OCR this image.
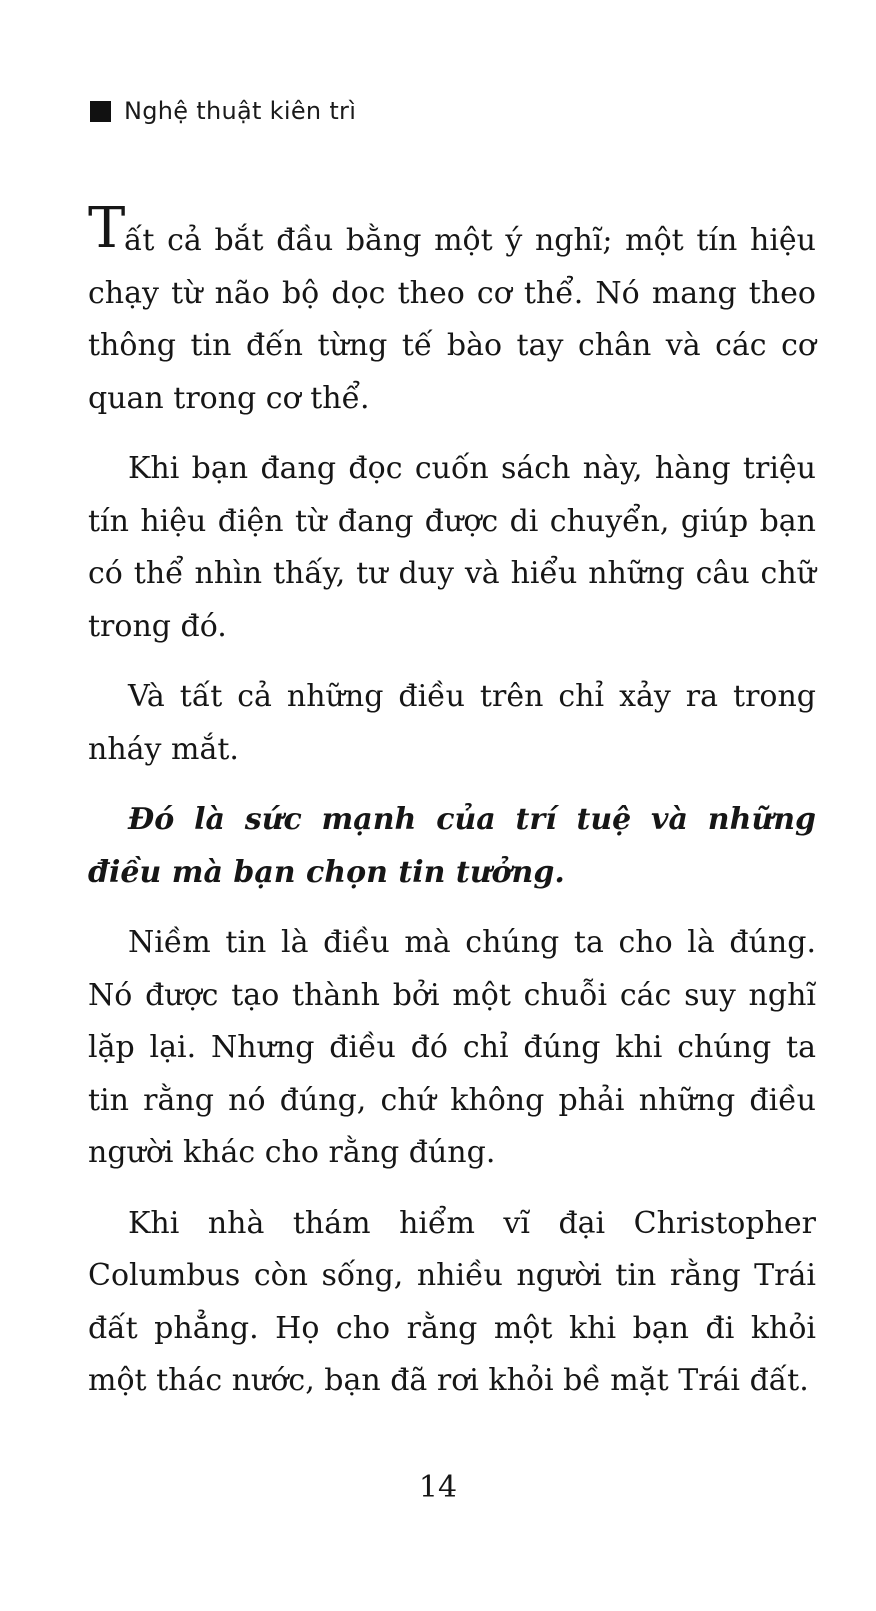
Nghệ thuật kiên trì

T
ất cả bắt đầu bằng một ý nghĩ; một tín hiệu chạy từ não bộ dọc theo cơ thể. Nó mang theo thông tin đến từng tế bào tay chân và các cơ quan trong cơ thể.

Khi bạn đang đọc cuốn sách này, hàng triệu tín hiệu điện từ đang được di chuyển, giúp bạn có thể nhìn thấy, tư duy và hiểu những câu chữ trong đó.

Và tất cả những điều trên chỉ xảy ra trong nháy mắt.

Đó là sức mạnh của trí tuệ và những điều mà bạn chọn tin tưởng.

Niềm tin là điều mà chúng ta cho là đúng. Nó được tạo thành bởi một chuỗi các suy nghĩ lặp lại. Nhưng điều đó chỉ đúng khi chúng ta tin rằng nó đúng, chứ không phải những điều người khác cho rằng đúng.

Khi nhà thám hiểm vĩ đại Christopher Columbus còn sống, nhiều người tin rằng Trái đất phẳng. Họ cho rằng một khi bạn đi khỏi một thác nước, bạn đã rơi khỏi bề mặt Trái đất.

14
